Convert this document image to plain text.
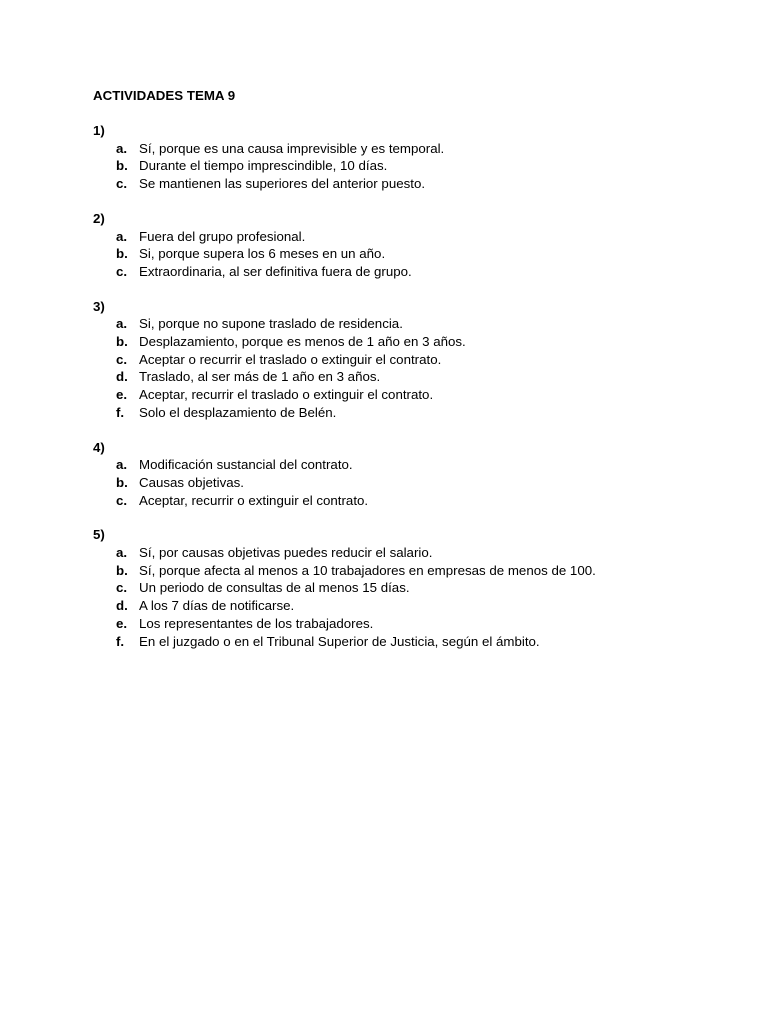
ACTIVIDADES TEMA 9
1)
a. Sí, porque es una causa imprevisible y es temporal.
b. Durante el tiempo imprescindible, 10 días.
c. Se mantienen las superiores del anterior puesto.
2)
a. Fuera del grupo profesional.
b. Si, porque supera los 6 meses en un año.
c. Extraordinaria, al ser definitiva fuera de grupo.
3)
a. Si, porque no supone traslado de residencia.
b. Desplazamiento, porque es menos de 1 año en 3 años.
c. Aceptar o recurrir el traslado o extinguir el contrato.
d. Traslado, al ser más de 1 año en 3 años.
e. Aceptar, recurrir el traslado o extinguir el contrato.
f.	Solo el desplazamiento de Belén.
4)
a. Modificación sustancial del contrato.
b. Causas objetivas.
c. Aceptar, recurrir o extinguir el contrato.
5)
a. Sí, por causas objetivas puedes reducir el salario.
b. Sí, porque afecta al menos a 10 trabajadores en empresas de menos de 100.
c. Un periodo de consultas de al menos 15 días.
d. A los 7 días de notificarse.
e. Los representantes de los trabajadores.
f.	En el juzgado o en el Tribunal Superior de Justicia, según el ámbito.
